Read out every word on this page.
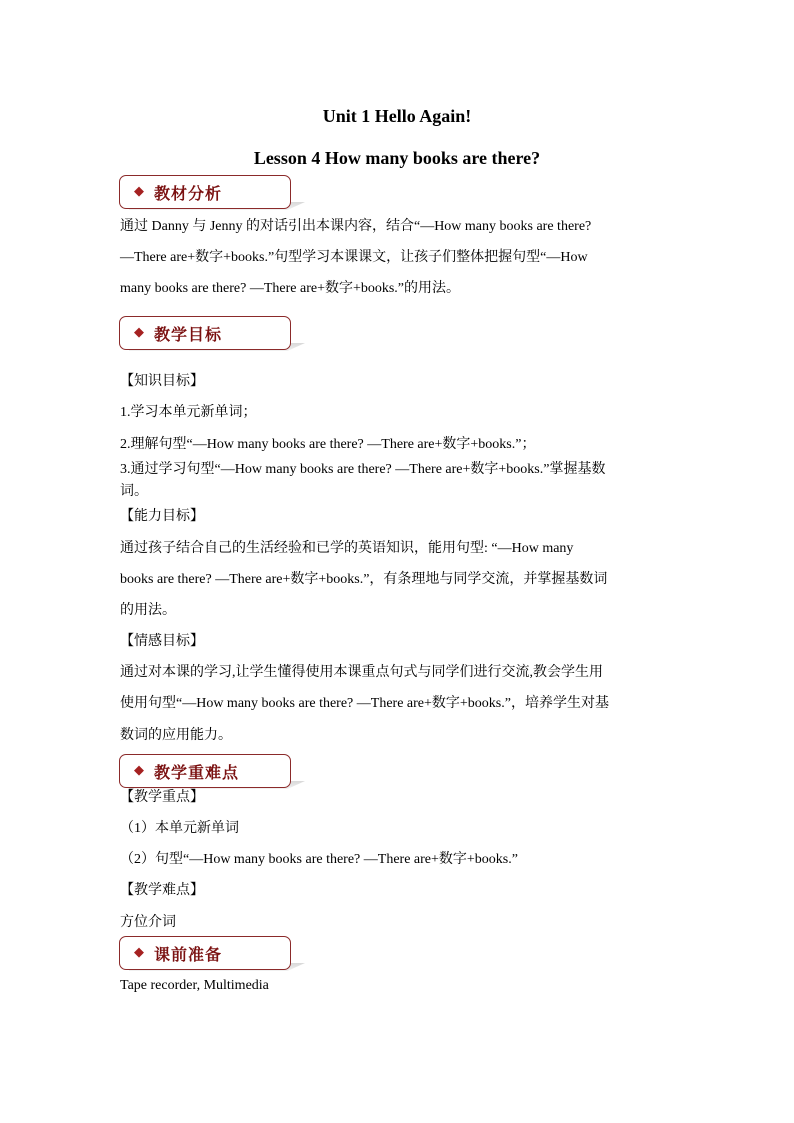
Unit 1 Hello Again!
Lesson 4 How many books are there?
◆ 教材分析
通过 Danny 与 Jenny 的对话引出本课内容，结合“—How many books are there?
—There are+数字+books.”句型学习本课课文，让孩子们整体把握句型“—How
many books are there? —There are+数字+books.”的用法。
◆ 教学目标
【知识目标】
1.学习本单元新单词；
2.理解句型“—How many books are there? —There are+数字+books.”；
3.通过学习句型“—How many books are there? —There are+数字+books.”掌握基数
词。
【能力目标】
通过孩子结合自己的生活经验和已学的英语知识，能用句型: “—How many
books are there? —There are+数字+books.”，有条理地与同学交流，并掌握基数词
的用法。
【情感目标】
通过对本课的学习,让学生懂得使用本课重点句式与同学们进行交流,教会学生用
使用句型“—How many books are there? —There are+数字+books.”，培养学生对基
数词的应用能力。
◆ 教学重难点
【教学重点】
（1）本单元新单词
（2）句型“—How many books are there? —There are+数字+books.”
【教学难点】
方位介词
◆ 课前准备
Tape recorder, Multimedia
